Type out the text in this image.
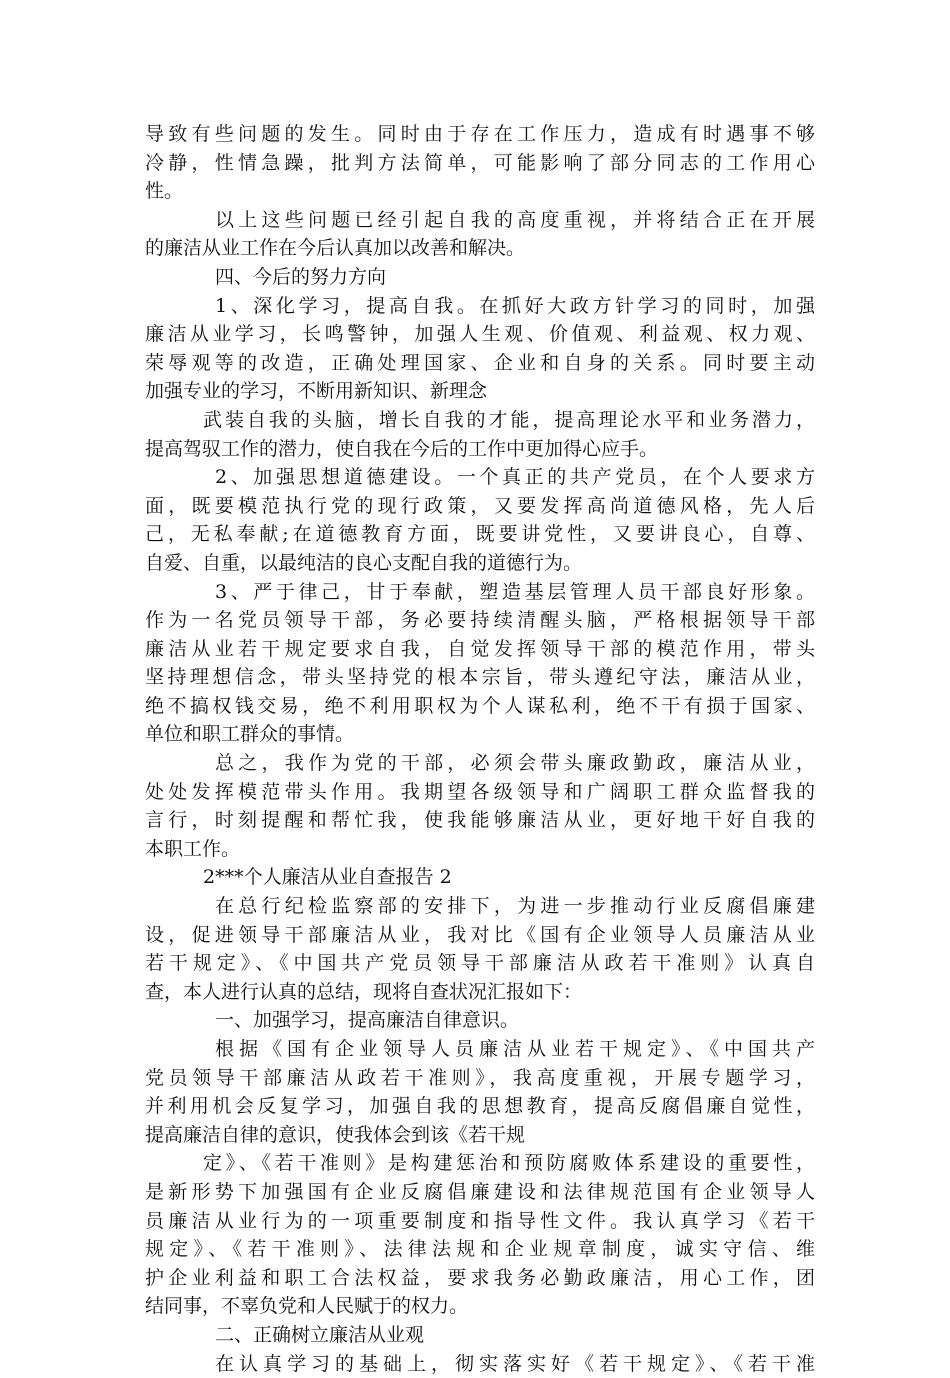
导致有些问题的发生。同时由于存在工作压力，造成有时遇事不够
冷静，性情急躁，批判方法简单，可能影响了部分同志的工作用心
性。
以上这些问题已经引起自我的高度重视，并将结合正在开展
的廉洁从业工作在今后认真加以改善和解决。
四、今后的努力方向
1、深化学习，提高自我。在抓好大政方针学习的同时，加强
廉洁从业学习，长鸣警钟，加强人生观、价值观、利益观、权力观、
荣辱观等的改造，正确处理国家、企业和自身的关系。同时要主动
加强专业的学习，不断用新知识、新理念
武装自我的头脑，增长自我的才能，提高理论水平和业务潜力，
提高驾驭工作的潜力，使自我在今后的工作中更加得心应手。
2、加强思想道德建设。一个真正的共产党员，在个人要求方
面，既要模范执行党的现行政策，又要发挥高尚道德风格，先人后
己，无私奉献;在道德教育方面，既要讲党性，又要讲良心，自尊、
自爱、自重，以最纯洁的良心支配自我的道德行为。
3、严于律己，甘于奉献，塑造基层管理人员干部良好形象。
作为一名党员领导干部，务必要持续清醒头脑，严格根据领导干部
廉洁从业若干规定要求自我，自觉发挥领导干部的模范作用，带头
坚持理想信念，带头坚持党的根本宗旨，带头遵纪守法，廉洁从业，
绝不搞权钱交易，绝不利用职权为个人谋私利，绝不干有损于国家、
单位和职工群众的事情。
总之，我作为党的干部，必须会带头廉政勤政，廉洁从业，
处处发挥模范带头作用。我期望各级领导和广阔职工群众监督我的
言行，时刻提醒和帮忙我，使我能够廉洁从业，更好地干好自我的
本职工作。
2***个人廉洁从业自查报告 2
在总行纪检监察部的安排下，为进一步推动行业反腐倡廉建
设，促进领导干部廉洁从业，我对比《国有企业领导人员廉洁从业
若干规定》、《中国共产党员领导干部廉洁从政若干准则》认真自
查，本人进行认真的总结，现将自查状况汇报如下：
一、加强学习，提高廉洁自律意识。
根据《国有企业领导人员廉洁从业若干规定》、《中国共产
党员领导干部廉洁从政若干准则》，我高度重视，开展专题学习，
并利用机会反复学习，加强自我的思想教育，提高反腐倡廉自觉性，
提高廉洁自律的意识，使我体会到该《若干规
定》、《若干准则》是构建惩治和预防腐败体系建设的重要性，
是新形势下加强国有企业反腐倡廉建设和法律规范国有企业领导人
员廉洁从业行为的一项重要制度和指导性文件。我认真学习《若干
规定》、《若干准则》、法律法规和企业规章制度，诚实守信、维
护企业利益和职工合法权益，要求我务必勤政廉洁，用心工作，团
结同事，不辜负党和人民赋于的权力。
二、正确树立廉洁从业观
在认真学习的基础上，彻实落实好《若干规定》、《若干准
